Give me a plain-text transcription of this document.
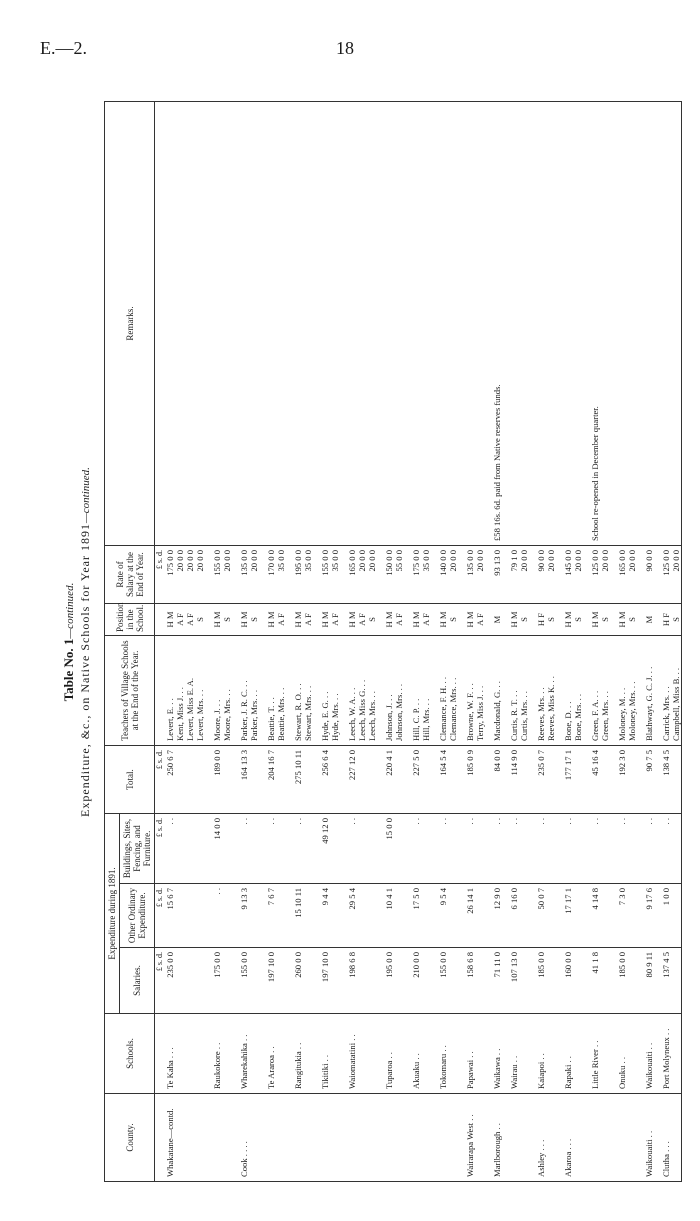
E.—2.	18
Table No. 1—continued. Expenditure, &c., on Native Schools for Year 1891—continued.
County.	Schools.	Expenditure during 1891.			Total.	Teachers of Village Schools at the End of the Year.	Position in the School.	Rate of Salary at the End of Year.	Remarks.
		Salaries.	Other Ordinary Expenditure.	Buildings, Sites, Fencing, and Furniture.					
		£ s. d.	£ s. d.	£ s. d.	£ s. d.			£ s. d.	
Whakatane—contd.	Te Kaha . . .	235 0 0	15 6 7	. .	250 6 7	Levert, E. . .	H M	175 0 0	
						Kent, Miss J. . .	A F	20 0 0	
						Levert, Miss E. A.	A F	20 0 0	
						Levert, Mrs. . .	S	20 0 0	

	Raukokore . .	175 0 0	. .	14 0 0	189 0 0	Moore, J. . .	H M	155 0 0	
						Moore, Mrs. . .	S	20 0 0	

Cook . . . .	Wharekahika . .	155 0 0	9 13 3	. .	164 13 3	Parker, J. R. C. . .	H M	135 0 0	
						Parker, Mrs. . .	S	20 0 0	

	Te Araroa . .	197 10 0	7 6 7	. .	204 16 7	Beattie, T. . .	H M	170 0 0	
						Beattie, Mrs. . .	A F	35 0 0	

	Rangitukia . .	260 0 0	15 10 11	. .	275 10 11	Stewart, R. O. . .	H M	195 0 0	
						Stewart, Mrs. . .	A F	35 0 0	

	Tikitiki . .	197 10 0	9 4 4	49 12 0	256 6 4	Hyde, E. G. . .	H M	155 0 0	
						Hyde, Mrs. . .	A F	35 0 0	

	Waiomatatini . .	198 6 8	29 5 4	. .	227 12 0	Leech, W. A. . .	H M	165 0 0	
						Leech, Miss G. . .	A F	20 0 0	
						Leech, Mrs. . .	S	20 0 0	

	Tuparoa . .	195 0 0	10 4 1	15 0 0	220 4 1	Johnson, J. . .	H M	150 0 0	
						Johnson, Mrs. . .	A F	55 0 0	

	Akuaku . .	210 0 0	17 5 0	. .	227 5 0	Hill, C. P. . .	H M	175 0 0	
						Hill, Mrs. . .	A F	35 0 0	

	Tokomaru . .	155 0 0	9 5 4	. .	164 5 4	Clemance, F. H. . .	H M	140 0 0	
						Clemance, Mrs. . .	S	20 0 0	

Wairarapa West . .	Papawai . .	158 6 8	26 14 1	. .	185 0 9	Browne, W. F. . .	H M	135 0 0	
						Terry, Miss J. . .	A F	20 0 0	

Marlborough . .	Waikawa . .	71 11 0	12 9 0	. .	84 0 0	Macdonald, G. . .	M	93 13 0	£58 16s. 6d. paid from Native reserves funds.

	Wairau . .	107 13 0	6 16 0	. .	114 9 0	Curtis, R. T. . .	H M	79 1 0	
						Curtis, Mrs. . .	S	20 0 0	

Ashley . . .	Kaiapoi . .	185 0 0	50 0 7	. .	235 0 7	Reeves, Mrs. . .	H F	90 0 0	
						Reeves, Miss K. . .	S	20 0 0	

Akaroa . . .	Rapaki . .	160 0 0	17 17 1	. .	177 17 1	Bone, D. . .	H M	145 0 0	
						Bone, Mrs. . .	S	20 0 0	

	Little River . .	41 1 8	4 14 8	. .	45 16 4	Green, F. A. . .	H M	125 0 0	School re-opened in December quarter.
						Green, Mrs. . .	S	20 0 0	

	Onuku . .	185 0 0	7 3 0	. .	192 3 0	Moloney, M. . .	H M	165 0 0	
						Moloney, Mrs. . .	S	20 0 0	

Waikouaiti . .	Waikouaiti . .	80 9 11	9 17 6	. .	90 7 5	Blathwayt, G. C. J. . .	M	90 0 0	

Clutha . . .	Port Molyneux . .	137 4 5	1 0 0	. .	138 4 5	Carrick, Mrs. . .	H F	125 0 0	
						Campbell, Miss B. . .	S	20 0 0	
